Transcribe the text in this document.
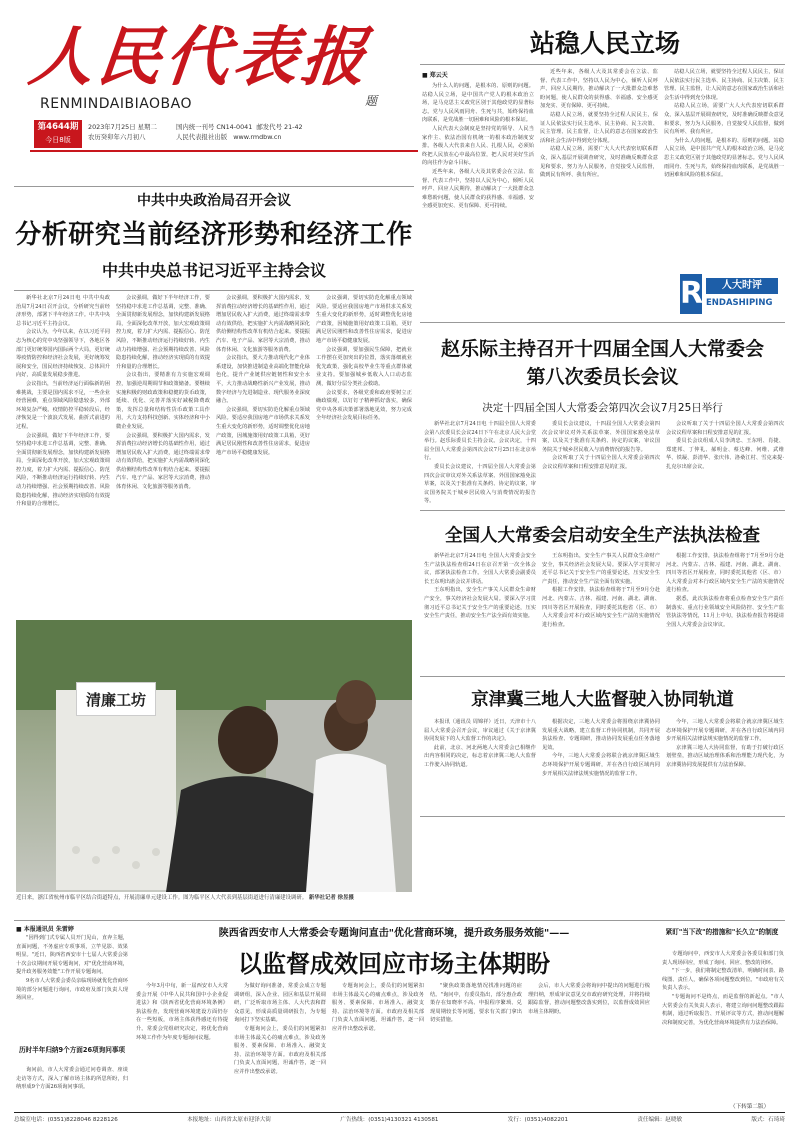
人民代表报
RENMINDAIBIAOBAO	题
第4644期
今日8版
2023年7月25日 星期二
农历癸卯年六月初八
国内统一刊号 CN14-0041 邮发代号 21-42
人民代表报社出版 www.rmdbw.cn
站稳人民立场
■ 郑云天

为什么人的问题，是根本的、原则的问题。站稳人民立场，是中国共产党人的根本政治立场，是马克思主义政党区别于其他政党的显著标志。党与人民风雨同舟、生死与共，始终保持血肉联系，是党战胜一切困难和风险的根本保证。

人民代表大会制度是坚持党的领导、人民当家作主、依法治国有机统一的根本政治制度安排。各级人大代表来自人民、扎根人民，必须始终把人民放在心中最高位置，把人民对美好生活的向往作为奋斗目标。

近些年来，各级人大及其常委会在立法、监督、代表工作中，坚持以人民为中心，倾听人民呼声、回应人民期待，推动解决了一大批群众急难愁盼问题，使人民群众的获得感、幸福感、安全感更加充实、更有保障、更可持续。

近些年来，各级人大及其常委会在立法、监督、代表工作中，坚持以人民为中心，倾听人民呼声、回应人民期待，推动解决了一大批群众急难愁盼问题，使人民群众的获得感、幸福感、安全感更加充实、更有保障、更可持续。

站稳人民立场，就要坚持全过程人民民主，保证人民依法实行民主选举、民主协商、民主决策、民主管理、民主监督，让人民的意志在国家政治生活和社会生活中得到充分体现。

站稳人民立场，需要广大人大代表密切联系群众，深入基层开展调查研究，及时准确反映群众意见和要求，努力为人民服务，自觉接受人民监督，做到民有所呼、我有所应。

站稳人民立场，就要坚持全过程人民民主，保证人民依法实行民主选举、民主协商、民主决策、民主管理、民主监督，让人民的意志在国家政治生活和社会生活中得到充分体现。

站稳人民立场，需要广大人大代表密切联系群众，深入基层开展调查研究，及时准确反映群众意见和要求，努力为人民服务，自觉接受人民监督，做到民有所呼、我有所应。

为什么人的问题，是根本的、原则的问题。站稳人民立场，是中国共产党人的根本政治立场，是马克思主义政党区别于其他政党的显著标志。党与人民风雨同舟、生死与共，始终保持血肉联系，是党战胜一切困难和风险的根本保证。

R	人大时评
ENDASHIPING
中共中央政治局召开会议
分析研究当前经济形势和经济工作
中共中央总书记习近平主持会议

新华社北京7月24日电 中共中央政治局7月24日召开会议，分析研究当前经济形势，部署下半年经济工作。中共中央总书记习近平主持会议。

会议认为，今年以来，在以习近平同志为核心的党中央坚强领导下，各地区各部门更好统筹国内国际两个大局，更好统筹疫情防控和经济社会发展，更好统筹发展和安全，国民经济持续恢复、总体回升向好，高质量发展稳步推进。

会议指出，当前经济运行面临新的困难挑战，主要是国内需求不足，一些企业经营困难，重点领域风险隐患较多，外部环境复杂严峻。疫情防控平稳转段后，经济恢复是一个波浪式发展、曲折式前进的过程。

会议强调，做好下半年经济工作，要坚持稳中求进工作总基调，完整、准确、全面贯彻新发展理念，加快构建新发展格局，全面深化改革开放，加大宏观政策调控力度，着力扩大内需、提振信心、防范风险，不断推动经济运行持续好转、内生动力持续增强、社会预期持续改善、风险隐患持续化解，推动经济实现质的有效提升和量的合理增长。

会议强调，做好下半年经济工作，要坚持稳中求进工作总基调，完整、准确、全面贯彻新发展理念，加快构建新发展格局，全面深化改革开放，加大宏观政策调控力度，着力扩大内需、提振信心、防范风险，不断推动经济运行持续好转、内生动力持续增强、社会预期持续改善、风险隐患持续化解，推动经济实现质的有效提升和量的合理增长。

会议指出，要精准有力实施宏观调控，加强逆周期调节和政策储备。要继续实施积极的财政政策和稳健的货币政策，延续、优化、完善并落实好减税降费政策，发挥总量和结构性货币政策工具作用，大力支持科技创新、实体经济和中小微企业发展。

会议强调，要积极扩大国内需求，发挥消费拉动经济增长的基础性作用，通过增加居民收入扩大消费，通过终端需求带动有效供给，把实施扩大内需战略同深化供给侧结构性改革有机结合起来。要提振汽车、电子产品、家居等大宗消费，推动体育休闲、文化旅游等服务消费。

会议强调，要积极扩大国内需求，发挥消费拉动经济增长的基础性作用，通过增加居民收入扩大消费，通过终端需求带动有效供给，把实施扩大内需战略同深化供给侧结构性改革有机结合起来。要提振汽车、电子产品、家居等大宗消费，推动体育休闲、文化旅游等服务消费。

会议指出，要大力推动现代化产业体系建设，加快推进制造业高端化智能化绿色化，提升产业链供应链韧性和安全水平，大力推动战略性新兴产业发展，推动数字经济与先进制造业、现代服务业深度融合。

会议强调，要切实防范化解重点领域风险。要适应我国房地产市场供求关系发生重大变化的新形势，适时调整优化房地产政策，因城施策用好政策工具箱，更好满足居民刚性和改善性住房需求，促进房地产市场平稳健康发展。

会议强调，要切实防范化解重点领域风险。要适应我国房地产市场供求关系发生重大变化的新形势，适时调整优化房地产政策，因城施策用好政策工具箱，更好满足居民刚性和改善性住房需求，促进房地产市场平稳健康发展。

会议强调，要加强民生保障，把就业工作摆在更加突出的位置，落实落细就业优先政策，强化高校毕业生等重点群体就业支持。要加强城乡低收入人口动态监测，做好分层分类社会救助。

会议要求，各级党委和政府要树立正确政绩观，以钉钉子精神抓好落实，确保党中央各项决策部署落地见效，努力完成全年经济社会发展目标任务。

清廉工坊
近日来，浙江省杭州市临平区结合街道特点，开展清廉单元建设工作。图为临平区人大代表到基层街道进行清廉建设调研。 新华社记者 徐昱摄
赵乐际主持召开十四届全国人大常委会
第八次委员长会议
决定十四届全国人大常委会第四次会议7月25日举行

新华社北京7月24日电 十四届全国人大常委会第八次委员长会议24日下午在北京人民大会堂举行。赵乐际委员长主持会议。会议决定，十四届全国人大常委会第四次会议7月25日在北京举行。

委员长会议建议，十四届全国人大常委会第四次会议审议对外关系法草案、外国国家豁免法草案，以及关于批准有关条约、协定的议案，审议国务院关于城乡居民收入与消费情况的报告等。

委员长会议建议，十四届全国人大常委会第四次会议审议对外关系法草案、外国国家豁免法草案，以及关于批准有关条约、协定的议案，审议国务院关于城乡居民收入与消费情况的报告等。

会议听取了关于十四届全国人大常委会第四次会议议程草案和日程安排意见的汇报。

会议听取了关于十四届全国人大常委会第四次会议议程草案和日程安排意见的汇报。

委员长会议组成人员李鸿忠、王东明、肖捷、郑建邦、丁仲礼、郝明金、蔡达峰、何维、武维华、铁凝、彭清华、张庆伟、洛桑江村、雪克来提·扎克尔出席会议。

全国人大常委会启动安全生产法执法检查

新华社北京7月24日电 全国人大常委会安全生产法执法检查组24日在京召开第一次全体会议，部署执法检查工作。全国人大常委会副委员长王东明出席会议并讲话。

王东明指出，安全生产事关人民群众生命财产安全，事关经济社会发展大局。要深入学习贯彻习近平总书记关于安全生产的重要论述，压实安全生产责任，推动安全生产法全面有效实施。

王东明指出，安全生产事关人民群众生命财产安全，事关经济社会发展大局。要深入学习贯彻习近平总书记关于安全生产的重要论述，压实安全生产责任，推动安全生产法全面有效实施。

根据工作安排，执法检查组将于7月至9月分赴河北、内蒙古、吉林、福建、河南、湖北、湖南、四川等省区开展检查，同时委托其他省（区、市）人大常委会对本行政区域内安全生产法的实施情况进行检查。

根据工作安排，执法检查组将于7月至9月分赴河北、内蒙古、吉林、福建、河南、湖北、湖南、四川等省区开展检查，同时委托其他省（区、市）人大常委会对本行政区域内安全生产法的实施情况进行检查。

据悉，此次执法检查将重点检查安全生产责任制落实、重点行业领域安全风险防控、安全生产监管执法等情况，11月上中旬，执法检查报告将提请全国人大常委会会议审议。

京津冀三地人大监督驶入协同轨道

本报讯（通讯员 周锦祥）近日，天津市十八届人大常委会召开会议，审议通过《关于京津冀协同发展下的人大监督工作的决定》。

此前，北京、河北两地人大常委会已相继作出内容相同的决定，标志着京津冀三地人大监督工作驶入协同轨道。

根据决定，三地人大常委会将围绕京津冀协同发展重大战略，建立监督工作协同机制，共同开展执法检查、专题调研，推动协同发展重点任务落地见效。

今年，三地人大常委会将联合就京津冀区域生态环境保护开展专题调研，并在各自行政区域内同步开展相关法律法规实施情况的监督工作。

今年，三地人大常委会将联合就京津冀区域生态环境保护开展专题调研，并在各自行政区域内同步开展相关法律法规实施情况的监督工作。

京津冀三地人大协同监督，有助于打破行政区划壁垒，推动区域治理体系和治理能力现代化，为京津冀协同发展提供有力法治保障。

■ 本报通讯员 朱雷婷

"因得到门式专属人员开门见山，直奔主题，直面问题，不务虚应专项事项，立竿见影、效果明显。"近日，陕西省西安市十七届人大常委会第十次会议期间开展专题询问，对"优化营商环境，提升政务服务效能"工作开展专题询问。

9名市人大常委会委员亲临现场就优化营商环境的部分问题进行询问，市政府及部门负责人现场回应。

历时半年归纳9个方面26项询问事项

询问前，市人大常委会通过问卷调查、座谈走访等方式，深入了解市场主体的所思所盼，归纳形成9个方面26项询问事项。

陕西省西安市人大常委会专题询问直击"优化营商环境，提升政务服务效能"——
以监督成效回应市场主体期盼

今年3月中旬，新一届西安市人大常委会开展《中华人民共和国中小企业促进法》和《陕西省优化营商环境条例》执法检查，发现营商环境建设方面仍存在一些短板，市场主体获得感还有待提升。常委会党组研究决定，将优化营商环境工作作为年度专题询问议题。

为做好询问准备，常委会成立专题调研组，深入企业、园区和基层开展调研，广泛听取市场主体、人大代表和群众意见，形成高质量调研报告，为专题询问打下坚实基础。

专题询问会上，委员们的问题紧扣市场主体最关心的痛点难点，涉及政务服务、要素保障、市场准入、融资支持、法治环境等方面。市政府及相关部门负责人直面问题，坦诚作答，逐一回应并作出整改承诺。

专题询问会上，委员们的问题紧扣市场主体最关心的痛点难点，涉及政务服务、要素保障、市场准入、融资支持、法治环境等方面。市政府及相关部门负责人直面问题，坦诚作答，逐一回应并作出整改承诺。

"聚焦政策落地情况找准问题的症结。"询问中，有委员指出，部分惠企政策存在知晓率不高、申报程序繁琐、兑现周期较长等问题，要求有关部门拿出切实措施。

会后，市人大常委会将询问中提出的问题进行梳理归纳，形成审议意见交市政府研究处理，并将持续跟踪监督，推动问题整改落实到位，以监督成效回应市场主体期盼。

紧盯"当下改"的措施和"长久立"的制度

专题询问中，西安市人大常委会各委员和部门负责人现场回应，形成了询问、回应、整改的闭环。

"下一步，我们将制定整改清单，明确时间表、路线图、责任人，确保各项问题整改到位。"市政府有关负责人表示。

"专题询问不是终点，而是监督的新起点。"市人大常委会有关负责人表示，将建立询问问题整改跟踪机制，通过听取报告、开展评议等方式，推动问题解决和制度完善，为优化营商环境提供有力法治保障。

（下转第二版）
总编室电话：(0351)8228046 8228126	本报地址：山西省太原市迎泽大街	广告热线：(0351)4130321 4130581	发行：(0351)4082201	责任编辑：赵晓敏	版式：石琦琦
